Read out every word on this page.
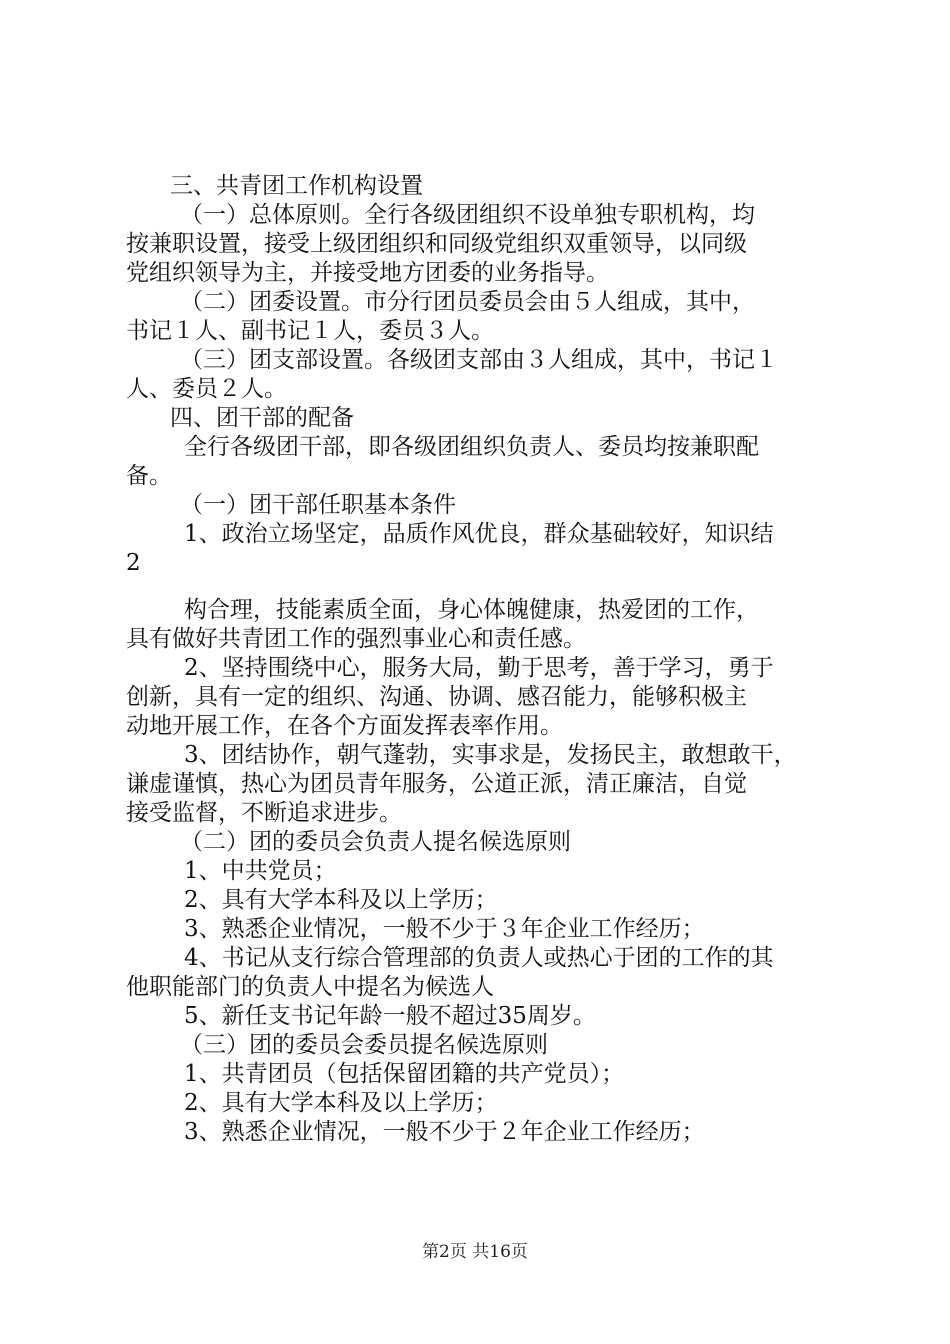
三、共青团工作机构设置
（一）总体原则。全行各级团组织不设单独专职机构，均
按兼职设置，接受上级团组织和同级党组织双重领导，以同级
党组织领导为主，并接受地方团委的业务指导。
（二）团委设置。市分行团员委员会由５人组成，其中，
书记１人、副书记１人，委员３人。
（三）团支部设置。各级团支部由３人组成，其中，书记１
人、委员２人。
四、团干部的配备
全行各级团干部，即各级团组织负责人、委员均按兼职配
备。
（一）团干部任职基本条件
1、政治立场坚定，品质作风优良，群众基础较好，知识结
2
构合理，技能素质全面，身心体魄健康，热爱团的工作，
具有做好共青团工作的强烈事业心和责任感。
2、坚持围绕中心，服务大局，勤于思考，善于学习，勇于
创新，具有一定的组织、沟通、协调、感召能力，能够积极主
动地开展工作，在各个方面发挥表率作用。
3、团结协作，朝气蓬勃，实事求是，发扬民主，敢想敢干，
谦虚谨慎，热心为团员青年服务，公道正派，清正廉洁，自觉
接受监督，不断追求进步。
（二）团的委员会负责人提名候选原则
1、中共党员；
2、具有大学本科及以上学历；
3、熟悉企业情况，一般不少于３年企业工作经历；
4、书记从支行综合管理部的负责人或热心于团的工作的其
他职能部门的负责人中提名为候选人
5、新任支书记年龄一般不超过35周岁。
（三）团的委员会委员提名候选原则
1、共青团员（包括保留团籍的共产党员）；
2、具有大学本科及以上学历；
3、熟悉企业情况，一般不少于２年企业工作经历；
第2页 共16页
